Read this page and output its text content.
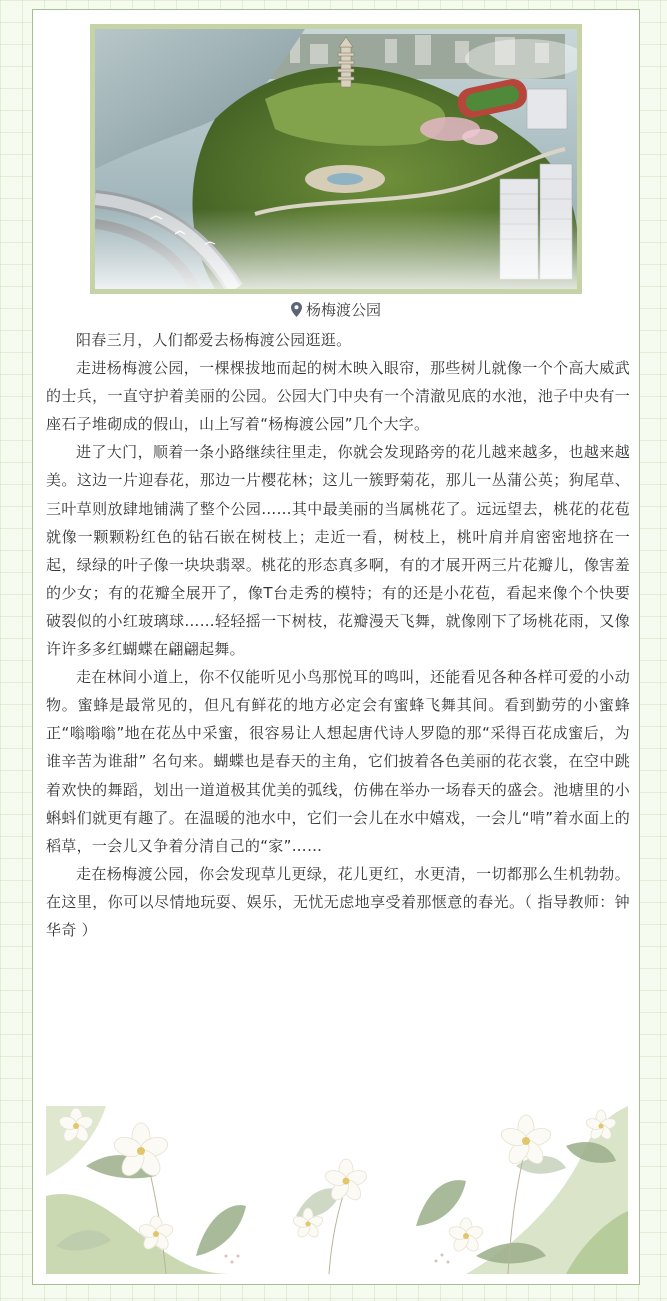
杨梅渡公园

阳春三月，人们都爱去杨梅渡公园逛逛。

走进杨梅渡公园，一棵棵拔地而起的树木映入眼帘，那些树儿就像一个个高大威武的士兵，一直守护着美丽的公园。公园大门中央有一个清澈见底的水池，池子中央有一座石子堆砌成的假山，山上写着“杨梅渡公园”几个大字。

进了大门，顺着一条小路继续往里走，你就会发现路旁的花儿越来越多，也越来越美。这边一片迎春花，那边一片樱花林；这儿一簇野菊花，那儿一丛蒲公英；狗尾草、三叶草则放肆地铺满了整个公园……其中最美丽的当属桃花了。远远望去，桃花的花苞就像一颗颗粉红色的钻石嵌在树枝上；走近一看，树枝上，桃叶肩并肩密密地挤在一起，绿绿的叶子像一块块翡翠。桃花的形态真多啊，有的才展开两三片花瓣儿，像害羞的少女；有的花瓣全展开了，像T台走秀的模特；有的还是小花苞，看起来像个个快要破裂似的小红玻璃球……轻轻摇一下树枝，花瓣漫天飞舞，就像刚下了场桃花雨，又像许许多多红蝴蝶在翩翩起舞。

走在林间小道上，你不仅能听见小鸟那悦耳的鸣叫，还能看见各种各样可爱的小动物。蜜蜂是最常见的，但凡有鲜花的地方必定会有蜜蜂飞舞其间。看到勤劳的小蜜蜂正“嗡嗡嗡”地在花丛中采蜜，很容易让人想起唐代诗人罗隐的那“采得百花成蜜后，为谁辛苦为谁甜” 名句来。蝴蝶也是春天的主角，它们披着各色美丽的花衣裳，在空中跳着欢快的舞蹈，划出一道道极其优美的弧线，仿佛在举办一场春天的盛会。池塘里的小蝌蚪们就更有趣了。在温暖的池水中，它们一会儿在水中嬉戏，一会儿“啃”着水面上的稻草，一会儿又争着分清自己的“家”……

走在杨梅渡公园，你会发现草儿更绿，花儿更红，水更清，一切都那么生机勃勃。在这里，你可以尽情地玩耍、娱乐，无忧无虑地享受着那惬意的春光。（ 指导教师：钟华奇 ）
